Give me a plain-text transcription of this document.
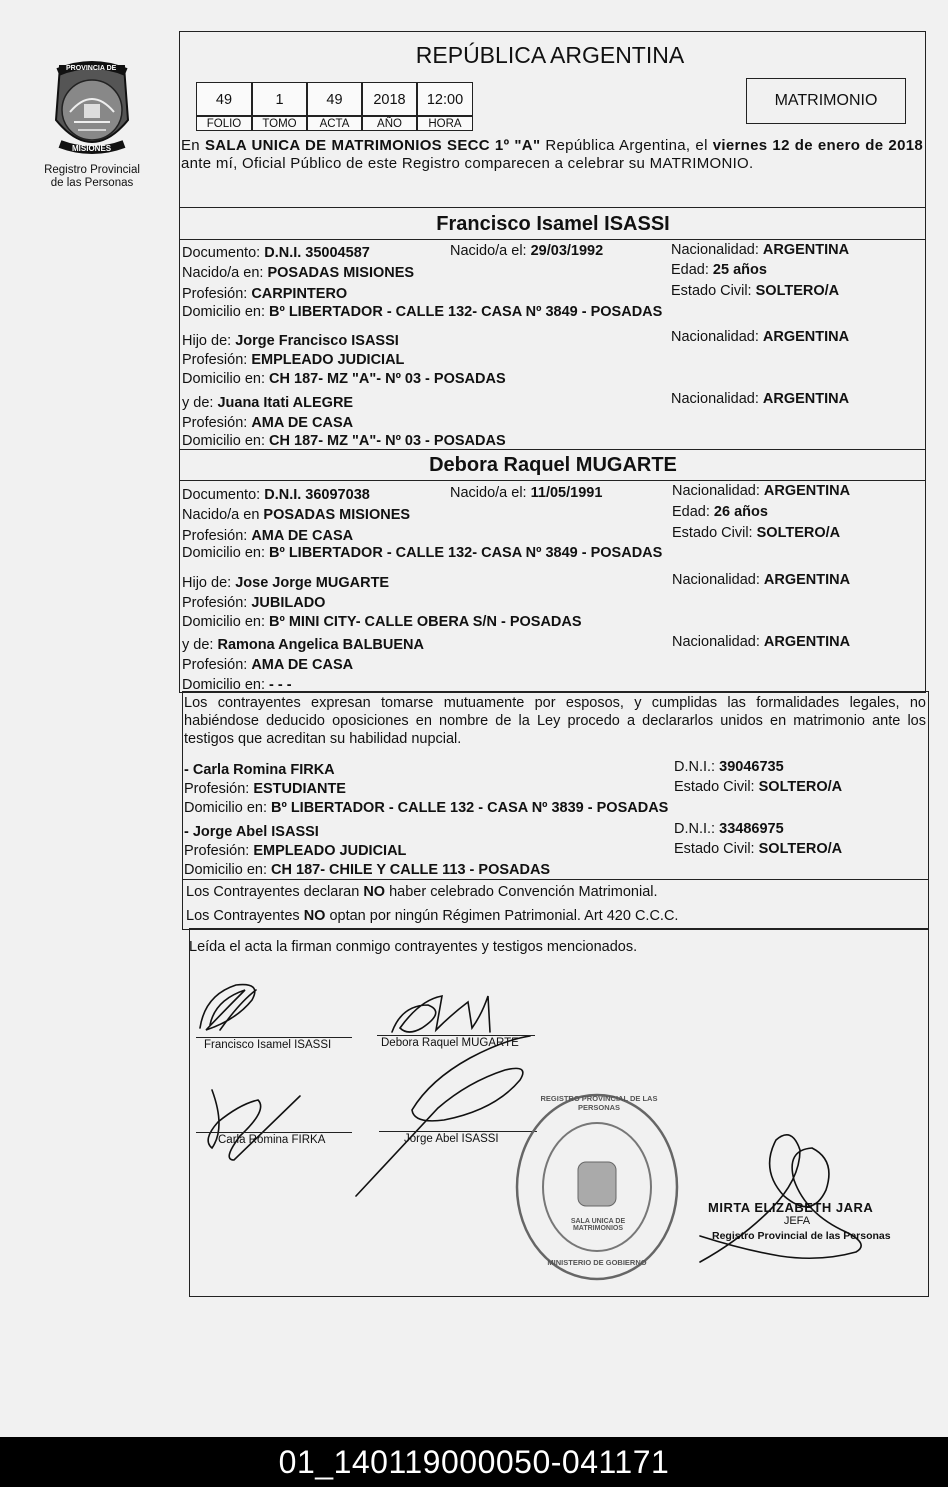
PROVINCIA DE
MISIONES
Registro Provincial
de las Personas
REPÚBLICA ARGENTINA
MATRIMONIO
49	1	49	2018	12:00
FOLIO	TOMO	ACTA	AÑO	HORA
En SALA UNICA DE MATRIMONIOS SECC 1º "A" República Argentina, el viernes 12 de enero de 2018 ante mí, Oficial Público de este Registro comparecen a celebrar su MATRIMONIO.
Francisco Isamel ISASSI
Documento: D.N.I. 35004587	Nacido/a el: 29/03/1992	Nacionalidad: ARGENTINA
Nacido/a en: POSADAS MISIONES	Edad: 25 años
Profesión: CARPINTERO	Estado Civil: SOLTERO/A
Domicilio en: Bº LIBERTADOR - CALLE 132- CASA Nº 3849 - POSADAS
Hijo de: Jorge Francisco ISASSI	Nacionalidad: ARGENTINA
Profesión: EMPLEADO JUDICIAL
Domicilio en: CH 187- MZ "A"- Nº 03 - POSADAS
y de: Juana Itati ALEGRE	Nacionalidad: ARGENTINA
Profesión: AMA DE CASA
Domicilio en: CH 187- MZ "A"- Nº 03 - POSADAS
Debora Raquel MUGARTE
Documento: D.N.I. 36097038	Nacido/a el: 11/05/1991	Nacionalidad: ARGENTINA
Nacido/a en POSADAS MISIONES	Edad: 26 años
Profesión: AMA DE CASA	Estado Civil: SOLTERO/A
Domicilio en: Bº LIBERTADOR - CALLE 132- CASA Nº 3849 - POSADAS
Hijo de: Jose Jorge MUGARTE	Nacionalidad: ARGENTINA
Profesión: JUBILADO
Domicilio en: Bº MINI CITY- CALLE OBERA S/N - POSADAS
y de: Ramona Angelica BALBUENA	Nacionalidad: ARGENTINA
Profesión: AMA DE CASA
Domicilio en: - - -
Los contrayentes expresan tomarse mutuamente por esposos, y cumplidas las formalidades legales, no habiéndose deducido oposiciones en nombre de la Ley procedo a declararlos unidos en matrimonio ante los testigos que acreditan su habilidad nupcial.
- Carla Romina FIRKA	D.N.I.: 39046735
Profesión: ESTUDIANTE	Estado Civil: SOLTERO/A
Domicilio en: Bº LIBERTADOR - CALLE 132 - CASA Nº 3839 - POSADAS
- Jorge Abel ISASSI	D.N.I.: 33486975
Profesión: EMPLEADO JUDICIAL	Estado Civil: SOLTERO/A
Domicilio en: CH 187- CHILE Y CALLE 113 - POSADAS
Los Contrayentes declaran NO haber celebrado Convención Matrimonial.
Los Contrayentes NO optan por ningún Régimen Patrimonial. Art 420 C.C.C.
Leída el acta la firman conmigo contrayentes y testigos mencionados.
Francisco Isamel ISASSI	Debora Raquel MUGARTE
Carla Romina FIRKA	Jorge Abel ISASSI
REGISTRO PROVINCIAL DE LAS PERSONAS
SALA UNICA DE MATRIMONIOS
MINISTERIO DE GOBIERNO
MIRTA ELIZABETH JARA
JEFA
Registro Provincial de las Personas
01_140119000050-041171
